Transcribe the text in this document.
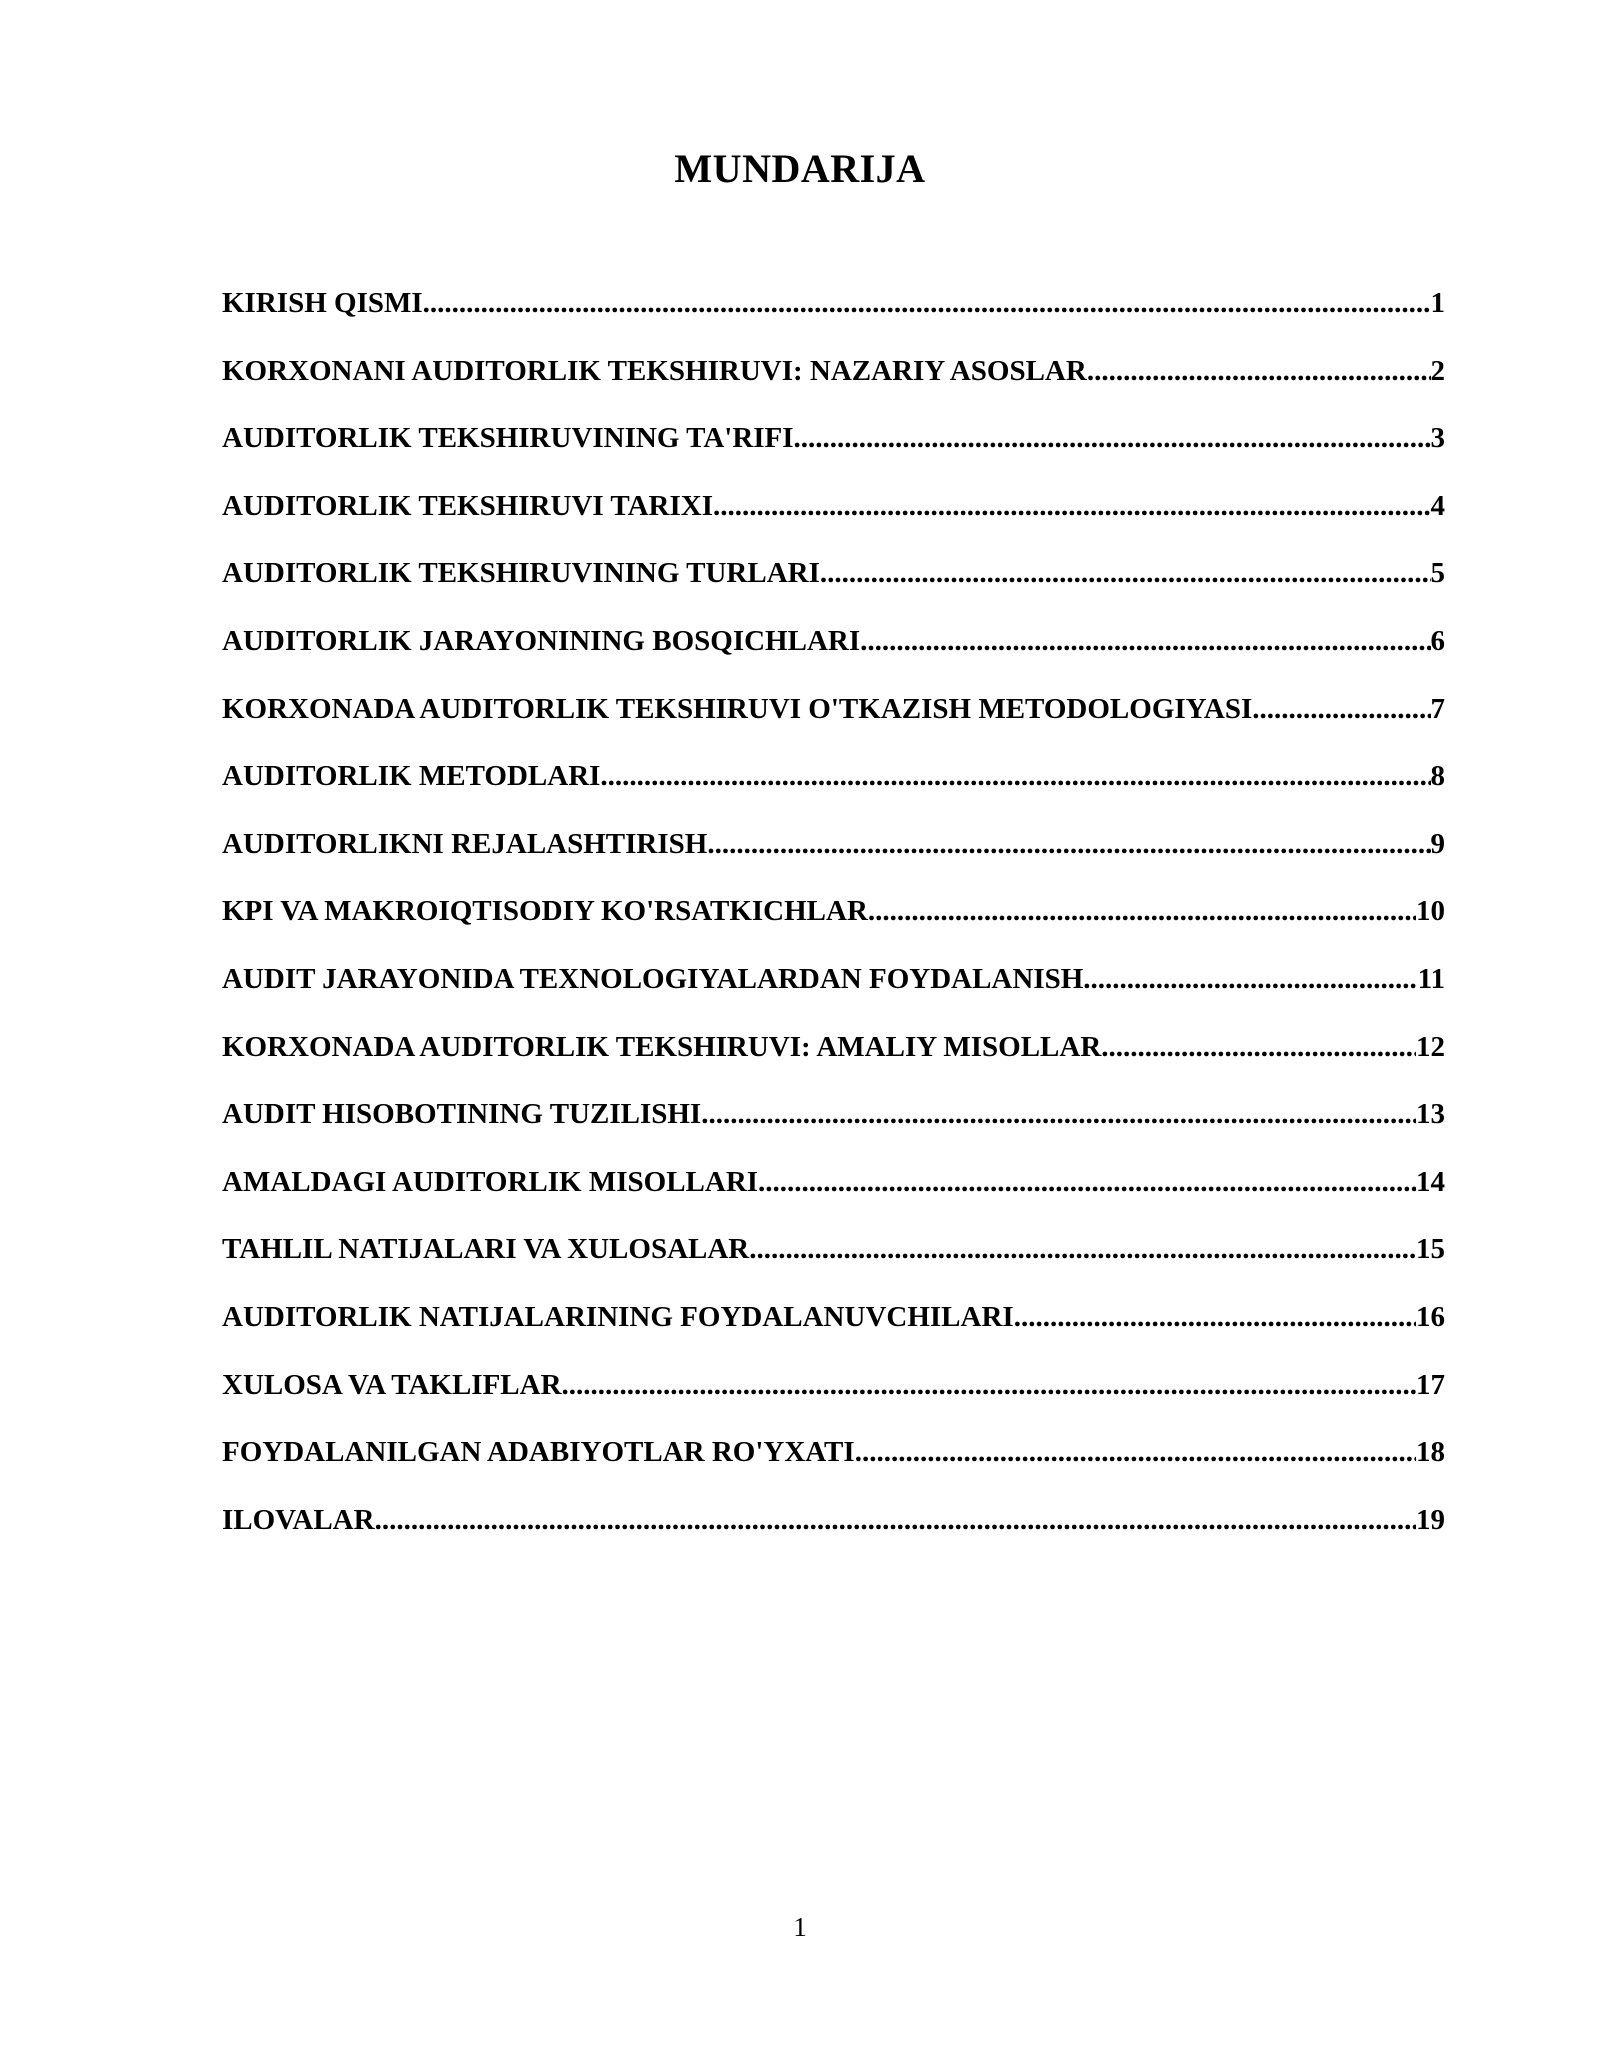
MUNDARIJA
KIRISH QISMI .....	1
KORXONANI AUDITORLIK TEKSHIRUVI: NAZARIY ASOSLAR .....	2
AUDITORLIK TEKSHIRUVINING TA'RIFI .....	3
AUDITORLIK TEKSHIRUVI TARIXI .....	4
AUDITORLIK TEKSHIRUVINING TURLARI .....	5
AUDITORLIK JARAYONINING BOSQICHLARI .....	6
KORXONADA AUDITORLIK TEKSHIRUVI O'TKAZISH METODOLOGIYASI .....	7
AUDITORLIK METODLARI .....	8
AUDITORLIKNI REJALASHTIRISH .....	9
KPI VA MAKROIQTISODIY KO'RSATKICHLAR .....	10
AUDIT JARAYONIDA TEXNOLOGIYALARDAN FOYDALANISH .....	11
KORXONADA AUDITORLIK TEKSHIRUVI: AMALIY MISOLLAR .....	12
AUDIT HISOBOTINING TUZILISHI .....	13
AMALDAGI AUDITORLIK MISOLLARI .....	14
TAHLIL NATIJALARI VA XULOSALAR .....	15
AUDITORLIK NATIJALARINING FOYDALANUVCHILARI .....	16
XULOSA VA TAKLIFLAR .....	17
FOYDALANILGAN ADABIYOTLAR RO'YXATI .....	18
ILOVALAR .....	19
1
